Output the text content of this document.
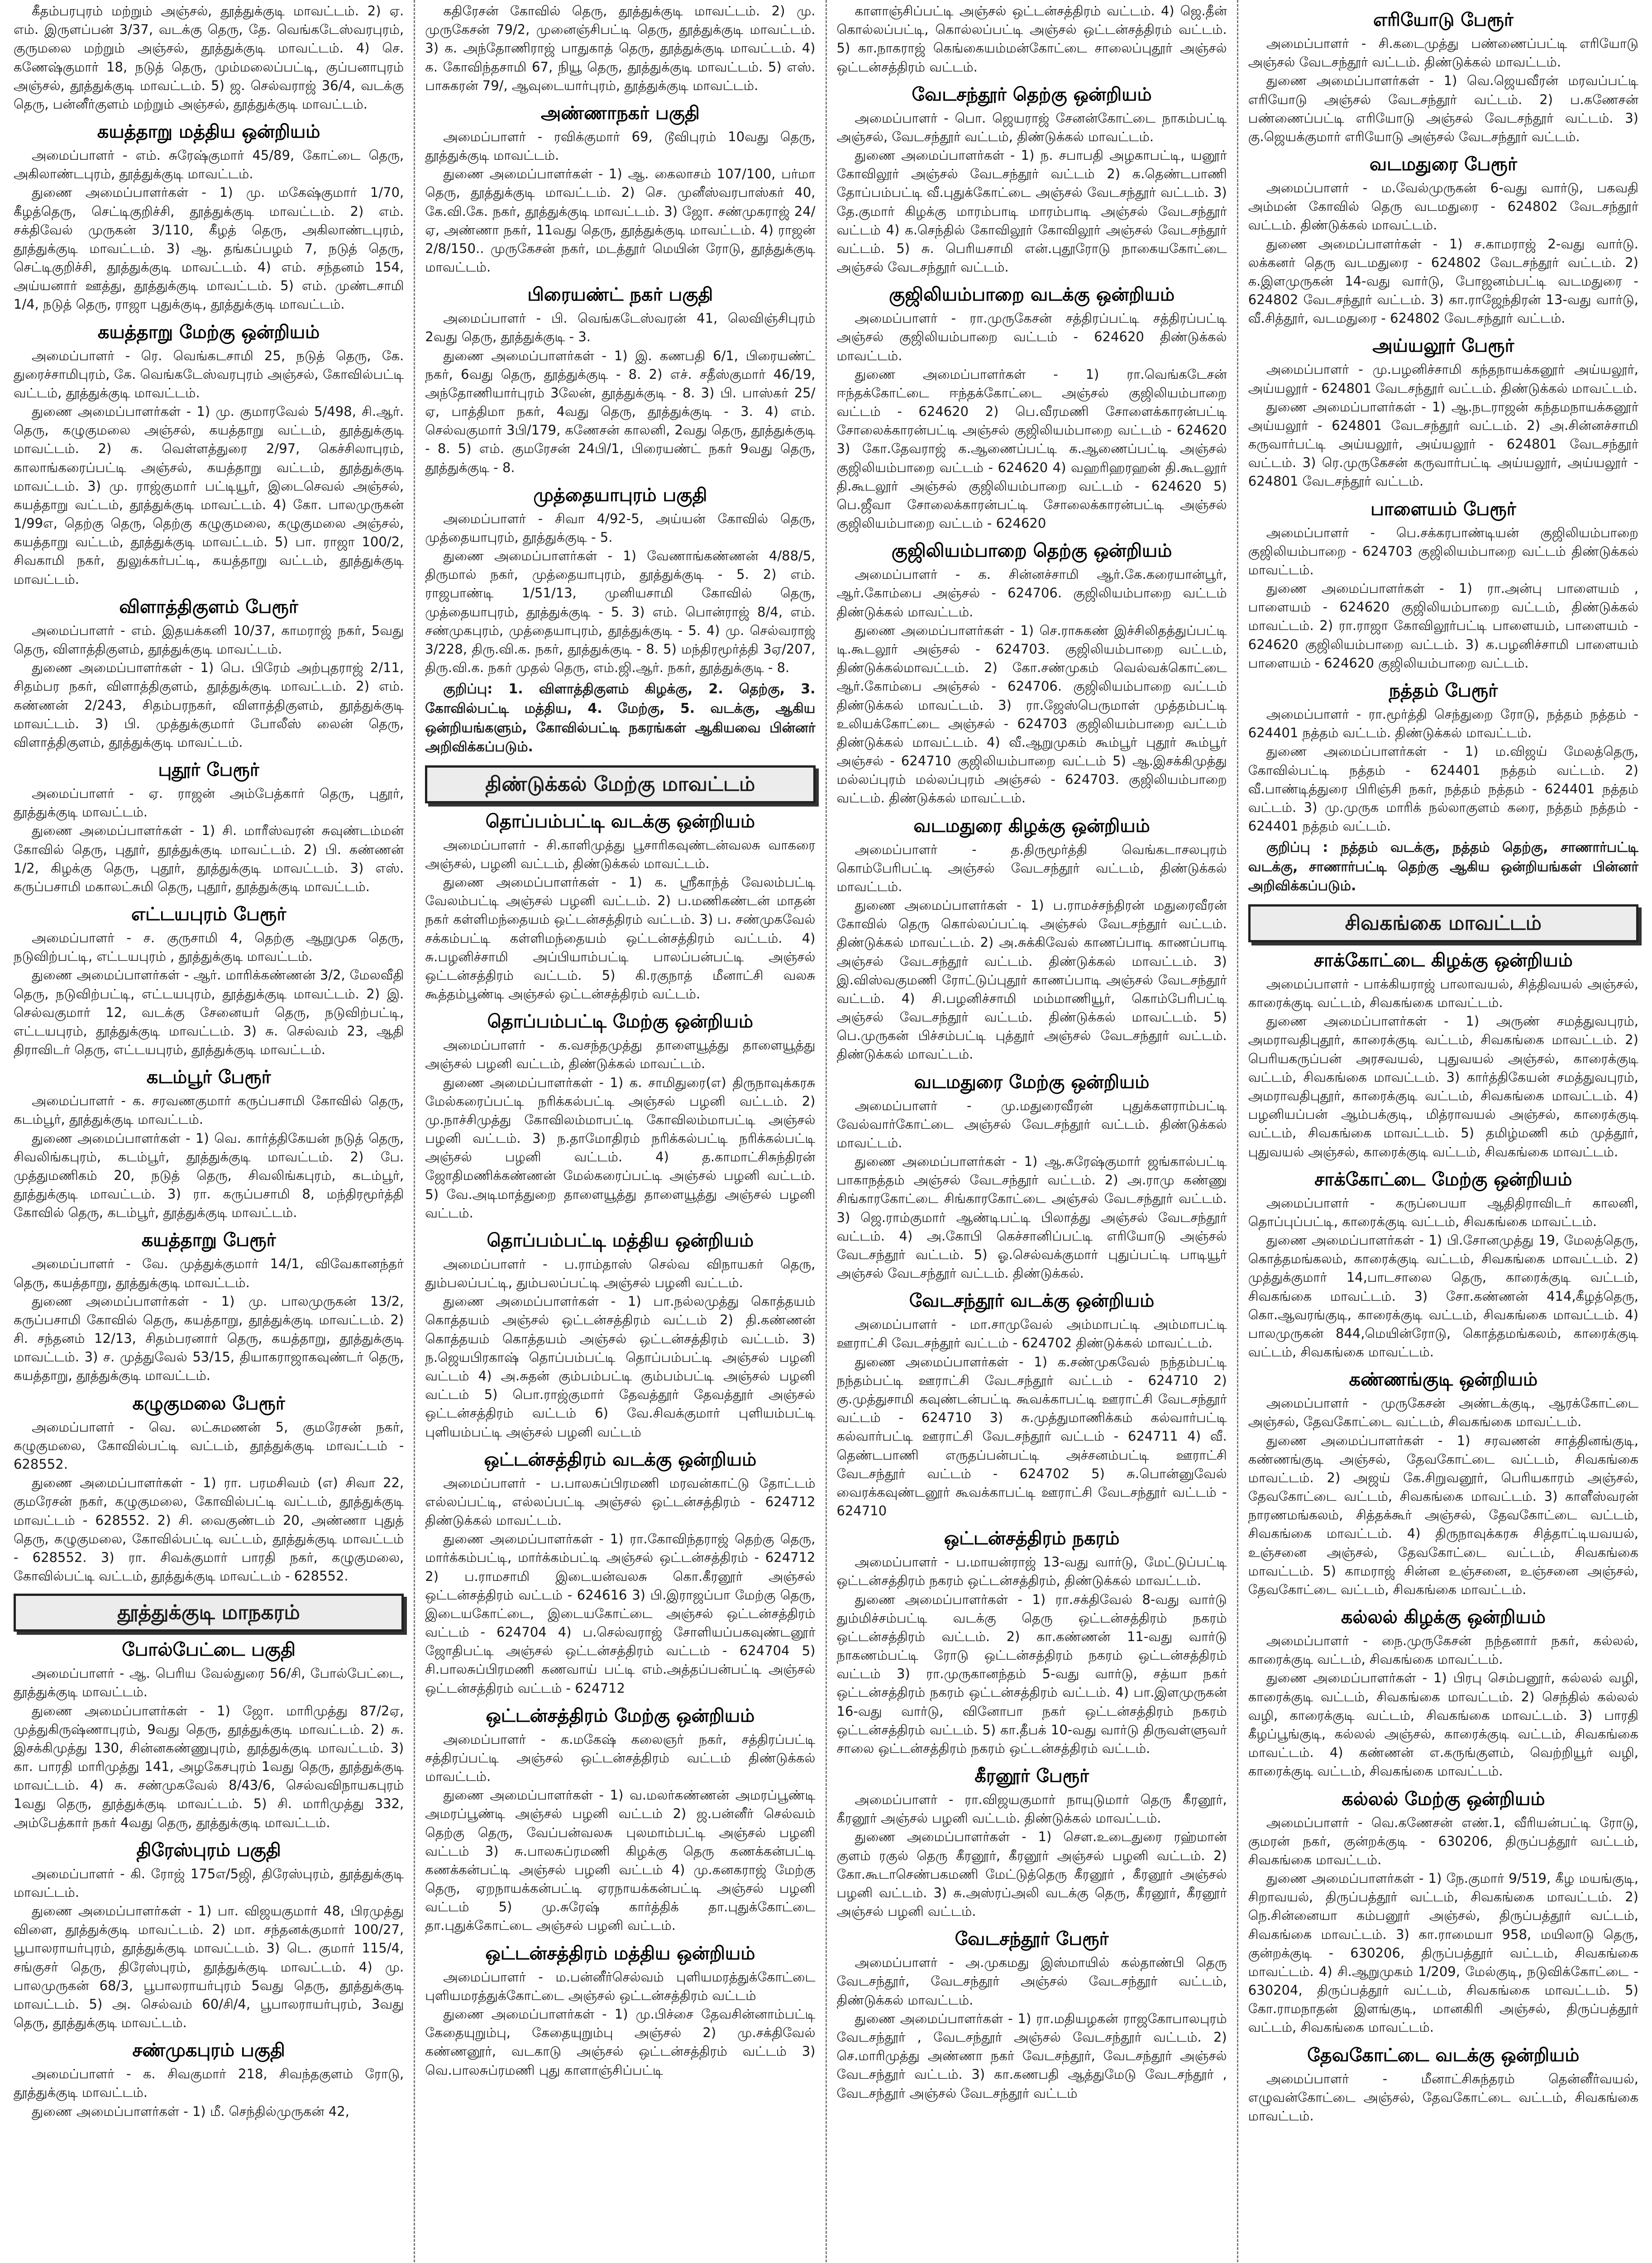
கீதம்பரபுரம் மற்றும் அஞ்சல், தூத்துக்குடி மாவட்டம். 2) ஏ. எம். இருளப்பன் 3/37, வடக்கு தெரு, தே. வெங்கடேஸ்வரபுரம், குருமலை மற்றும் அஞ்சல், தூத்துக்குடி மாவட்டம். 4) செ. கணேஷ்குமார் 18, நடுத் தெரு, மும்மலைப்பட்டி, குப்பனாபுரம் அஞ்சல், தூத்துக்குடி மாவட்டம். 5) ஜ. செல்வராஜ் 36/4, வடக்கு தெரு, பன்னீர்குளம் மற்றும் அஞ்சல், தூத்துக்குடி மாவட்டம்.

கயத்தாறு மத்திய ஒன்றியம்

அமைப்பாளர் - எம். சுரேஷ்குமார் 45/89, கோட்டை தெரு, அகிலாண்டபுரம், தூத்துக்குடி மாவட்டம்.

துணை அமைப்பாளர்கள் - 1) மு. மகேஷ்குமார் 1/70, கீழத்தெரு, செட்டிகுறிச்சி, தூத்துக்குடி மாவட்டம். 2) எம். சக்திவேல் முருகன் 3/110, கீழத் தெரு, அகிலாண்டபுரம், தூத்துக்குடி மாவட்டம். 3) ஆ. தங்கப்பழம் 7, நடுத் தெரு, செட்டிகுறிச்சி, தூத்துக்குடி மாவட்டம். 4) எம். சந்தனம் 154, அய்யனார் ஊத்து, தூத்துக்குடி மாவட்டம். 5) எம். முண்டசாமி 1/4, நடுத் தெரு, ராஜா புதுக்குடி, தூத்துக்குடி மாவட்டம்.

கயத்தாறு மேற்கு ஒன்றியம்

அமைப்பாளர் - ரெ. வெங்கடசாமி 25, நடுத் தெரு, கே. துரைச்சாமிபுரம், கே. வெங்கடேஸ்வரபுரம் அஞ்சல், கோவில்பட்டி வட்டம், தூத்துக்குடி மாவட்டம்.

துணை அமைப்பாளர்கள் - 1) மு. குமாரவேல் 5/498, சி.ஆர். தெரு, கழுகுமலை அஞ்சல், கயத்தாறு வட்டம், தூத்துக்குடி மாவட்டம். 2) க. வெள்ளத்துரை 2/97, கெச்சிலாபுரம், காலாங்கரைப்பட்டி அஞ்சல், கயத்தாறு வட்டம், தூத்துக்குடி மாவட்டம். 3) மு. ராஜ்குமார் பட்டியூர், இடைசெவல் அஞ்சல், கயத்தாறு வட்டம், தூத்துக்குடி மாவட்டம். 4) கோ. பாலமுருகன் 1/99எ, தெற்கு தெரு, தெற்கு கழுகுமலை, கழுகுமலை அஞ்சல், கயத்தாறு வட்டம், தூத்துக்குடி மாவட்டம். 5) பா. ராஜா 100/2, சிவகாமி நகர், துலுக்கர்பட்டி, கயத்தாறு வட்டம், தூத்துக்குடி மாவட்டம்.

விளாத்திகுளம் பேரூர்

அமைப்பாளர் - எம். இதயக்கனி 10/37, காமராஜ் நகர், 5வது தெரு, விளாத்திகுளம், தூத்துக்குடி மாவட்டம்.

துணை அமைப்பாளர்கள் - 1) பெ. பிரேம் அற்புதராஜ் 2/11, சிதம்பர நகர், விளாத்திகுளம், தூத்துக்குடி மாவட்டம். 2) எம். கண்ணன் 2/243, சிதம்பரநகர், விளாத்திகுளம், தூத்துக்குடி மாவட்டம். 3) பி. முத்துக்குமார் போலீஸ் லைன் தெரு, விளாத்திகுளம், தூத்துக்குடி மாவட்டம்.

புதூர் பேரூர்

அமைப்பாளர் - ஏ. ராஜன் அம்பேத்கார் தெரு, புதூர், தூத்துக்குடி மாவட்டம்.

துணை அமைப்பாளர்கள் - 1) சி. மாரீஸ்வரன் சுவுண்டம்மன் கோவில் தெரு, புதூர், தூத்துக்குடி மாவட்டம். 2) பி. கண்ணன் 1/2, கிழக்கு தெரு, புதூர், தூத்துக்குடி மாவட்டம். 3) எஸ். கருப்பசாமி மகாலட்சுமி தெரு, புதூர், தூத்துக்குடி மாவட்டம்.

எட்டயபுரம் பேரூர்

அமைப்பாளர் - ச. குருசாமி 4, தெற்கு ஆறுமுக தெரு, நடுவிற்பட்டி, எட்டயபுரம் , தூத்துக்குடி மாவட்டம்.

துணை அமைப்பாளர்கள் - ஆர். மாரிக்கண்ணன் 3/2, மேலவீதி தெரு, நடுவிற்பட்டி, எட்டயபுரம், தூத்துக்குடி மாவட்டம். 2) இ. செல்வகுமார் 12, வடக்கு சேனையர் தெரு, நடுவிற்பட்டி, எட்டயபுரம், தூத்துக்குடி மாவட்டம். 3) சு. செல்வம் 23, ஆதி திராவிடர் தெரு, எட்டயபுரம், தூத்துக்குடி மாவட்டம்.

கடம்பூர் பேரூர்

அமைப்பாளர் - க. சரவணகுமார் கருப்பசாமி கோவில் தெரு, கடம்பூர், தூத்துக்குடி மாவட்டம்.

துணை அமைப்பாளர்கள் - 1) வெ. கார்த்திகேயன் நடுத் தெரு, சிவலிங்கபுரம், கடம்பூர், தூத்துக்குடி மாவட்டம். 2) பே. முத்துமணிகம் 20, நடுத் தெரு, சிவலிங்கபுரம், கடம்பூர், தூத்துக்குடி மாவட்டம். 3) ரா. கருப்பசாமி 8, மந்திரமூர்த்தி கோவில் தெரு, கடம்பூர், தூத்துக்குடி மாவட்டம்.

கயத்தாறு பேரூர்

அமைப்பாளர் - வே. முத்துக்குமார் 14/1, விவேகானந்தர் தெரு, கயத்தாறு, தூத்துக்குடி மாவட்டம்.

துணை அமைப்பாளர்கள் - 1) மு. பாலமுருகன் 13/2, கருப்பசாமி கோவில் தெரு, கயத்தாறு, தூத்துக்குடி மாவட்டம். 2) சி. சந்தனம் 12/13, சிதம்பரனார் தெரு, கயத்தாறு, தூத்துக்குடி மாவட்டம். 3) ச. முத்துவேல் 53/15, தியாகராஜாகவுண்டர் தெரு, கயத்தாறு, தூத்துக்குடி மாவட்டம்.

கழுகுமலை பேரூர்

அமைப்பாளர் - வெ. லட்சுமணன் 5, குமரேசன் நகர், கழுகுமலை, கோவில்பட்டி வட்டம், தூத்துக்குடி மாவட்டம் - 628552.

துணை அமைப்பாளர்கள் - 1) ரா. பரமசிவம் (எ) சிவா 22, குமரேசன் நகர், கழுகுமலை, கோவில்பட்டி வட்டம், தூத்துக்குடி மாவட்டம் - 628552. 2) சி. வைகுண்டம் 20, அண்ணா புதுத் தெரு, கழுகுமலை, கோவில்பட்டி வட்டம், தூத்துக்குடி மாவட்டம் - 628552. 3) ரா. சிவக்குமார் பாரதி நகர், கழுகுமலை, கோவில்பட்டி வட்டம், தூத்துக்குடி மாவட்டம் - 628552.

தூத்துக்குடி மாநகரம்
போல்பேட்டை பகுதி

அமைப்பாளர் - ஆ. பெரிய வேல்துரை 56/சி, போல்பேட்டை, தூத்துக்குடி மாவட்டம்.

துணை அமைப்பாளர்கள் - 1) ஜோ. மாரிமுத்து 87/2ஏ, முத்துகிருஷ்ணாபுரம், 9வது தெரு, தூத்துக்குடி மாவட்டம். 2) சு. இசக்கிமுத்து 130, சின்னகண்ணுபுரம், தூத்துக்குடி மாவட்டம். 3) கா. பாரதி மாரிமுத்து 141, அழகேசபுரம் 1வது தெரு, தூத்துக்குடி மாவட்டம். 4) சு. சண்முகவேல் 8/43/6, செல்வவிநாயகபுரம் 1வது தெரு, தூத்துக்குடி மாவட்டம். 5) சி. மாரிமுத்து 332, அம்பேத்கார் நகர் 4வது தெரு, தூத்துக்குடி மாவட்டம்.

திரேஸ்புரம் பகுதி

அமைப்பாளர் - கி. ரோஜ் 175எ/5ஜி, திரேஸ்புரம், தூத்துக்குடி மாவட்டம்.

துணை அமைப்பாளர்கள் - 1) பா. விஜயகுமார் 48, பிரமுத்து விளை, தூத்துக்குடி மாவட்டம். 2) மா. சந்தனக்குமார் 100/27, பூபாலராயர்புரம், தூத்துக்குடி மாவட்டம். 3) டெ. குமார் 115/4, சங்குசர் தெரு, திரேஸ்புரம், தூத்துக்குடி மாவட்டம். 4) மு. பாலமுருகன் 68/3, பூபாலராயர்புரம் 5வது தெரு, தூத்துக்குடி மாவட்டம். 5) அ. செல்வம் 60/சி/4, பூபாலராயர்புரம், 3வது தெரு, தூத்துக்குடி மாவட்டம்.

சண்முகபுரம் பகுதி

அமைப்பாளர் - க. சிவகுமார் 218, சிவந்தகுளம் ரோடு, தூத்துக்குடி மாவட்டம்.

துணை அமைப்பாளர்கள் - 1) மீ. செந்தில்முருகன் 42,

கதிரேசன் கோவில் தெரு, தூத்துக்குடி மாவட்டம். 2) மு. முருகேசன் 79/2, முனைஞ்சிபட்டி தெரு, தூத்துக்குடி மாவட்டம். 3) க. அந்தோணிராஜ் பாதுகாத் தெரு, தூத்துக்குடி மாவட்டம். 4) க. கோவிந்தசாமி 67, நியூ தெரு, தூத்துக்குடி மாவட்டம். 5) எஸ். பாசுகரன் 79/, ஆவுடையார்புரம், தூத்துக்குடி மாவட்டம்.

அண்ணாநகர் பகுதி

அமைப்பாளர் - ரவிக்குமார் 69, டூவிபுரம் 10வது தெரு, தூத்துக்குடி மாவட்டம்.

துணை அமைப்பாளர்கள் - 1) ஆ. கைலாசம் 107/100, பர்மா தெரு, தூத்துக்குடி மாவட்டம். 2) செ. முனீஸ்வரபாஸ்கர் 40, கே.வி.கே. நகர், தூத்துக்குடி மாவட்டம். 3) ஜோ. சண்முகராஜ் 24/ஏ, அண்ணா நகர், 11வது தெரு, தூத்துக்குடி மாவட்டம். 4) ராஜன் 2/8/150.. முருகேசன் நகர், மடத்தூர் மெயின் ரோடு, தூத்துக்குடி மாவட்டம்.

பிரையண்ட் நகர் பகுதி

அமைப்பாளர் - பி. வெங்கடேஸ்வரன் 41, லெவிஞ்சிபுரம் 2வது தெரு, தூத்துக்குடி - 3.

துணை அமைப்பாளர்கள் - 1) இ. கணபதி 6/1, பிரையண்ட் நகர், 6வது தெரு, தூத்துக்குடி - 8. 2) எச். சதீஸ்குமார் 46/19, அந்தோணியார்புரம் 3லேன், தூத்துக்குடி - 8. 3) பி. பாஸ்கர் 25/ஏ, பாத்திமா நகர், 4வது தெரு, தூத்துக்குடி - 3. 4) எம். செல்வகுமார் 3பி/179, கணேசன் காலனி, 2வது தெரு, தூத்துக்குடி - 8. 5) எம். குமரேசன் 24பி/1, பிரையண்ட் நகர் 9வது தெரு, தூத்துக்குடி - 8.

முத்தையாபுரம் பகுதி

அமைப்பாளர் - சிவா 4/92-5, அய்யன் கோவில் தெரு, முத்தையாபுரம், தூத்துக்குடி - 5.

துணை அமைப்பாளர்கள் - 1) வேணாங்கண்ணன் 4/88/5, திருமால் நகர், முத்தையாபுரம், தூத்துக்குடி - 5. 2) எம். ராஜபாண்டி 1/51/13, முனியசாமி கோவில் தெரு, முத்தையாபுரம், தூத்துக்குடி - 5. 3) எம். பொன்ராஜ் 8/4, எம். சண்முகபுரம், முத்தையாபுரம், தூத்துக்குடி - 5. 4) மு. செல்வராஜ் 3/228, திரு.வி.க. நகர், தூத்துக்குடி - 8. 5) மந்திரமூர்த்தி 3ஏ/207, திரு.வி.க. நகர் முதல் தெரு, எம்.ஜி.ஆர். நகர், தூத்துக்குடி - 8.

குறிப்பு: 1. விளாத்திகுளம் கிழக்கு, 2. தெற்கு, 3. கோவில்பட்டி மத்திய, 4. மேற்கு, 5. வடக்கு, ஆகிய ஒன்றியங்களும், கோவில்பட்டி நகரங்கள் ஆகியவை பின்னர் அறிவிக்கப்படும்.

திண்டுக்கல் மேற்கு மாவட்டம்
தொப்பம்பட்டி வடக்கு ஒன்றியம்

அமைப்பாளர் - சி.காளிமுத்து பூசாரிகவுண்டன்வலசு வாகரை அஞ்சல், பழனி வட்டம், திண்டுக்கல் மாவட்டம்.

துணை அமைப்பாளர்கள் - 1) க. ஸ்ரீகாந்த் வேலம்பட்டி வேலம்பட்டி அஞ்சல் பழனி வட்டம். 2) ப.மணிகண்டன் மாதன் நகர் கள்ளிமந்தையம் ஒட்டன்சத்திரம் வட்டம். 3) ப. சண்முகவேல் சக்கம்பட்டி கள்ளிமந்தையம் ஒட்டன்சத்திரம் வட்டம். 4) சு.பழனிச்சாமி அப்பியாம்பட்டி பாலப்பன்பட்டி அஞ்சல் ஒட்டன்சத்திரம் வட்டம். 5) கி.ரகுநாத் மீனாட்சி வலசு கூத்தம்பூண்டி அஞ்சல் ஒட்டன்சத்திரம் வட்டம்.

தொப்பம்பட்டி மேற்கு ஒன்றியம்

அமைப்பாளர் - க.வசந்தமுத்து தாளையூத்து தாளையூத்து அஞ்சல் பழனி வட்டம், திண்டுக்கல் மாவட்டம்.

துணை அமைப்பாளர்கள் - 1) க. சாமிதுரை(எ) திருநாவுக்கரசு மேல்கரைப்பட்டி நரிக்கல்பட்டி அஞ்சல் பழனி வட்டம். 2) மு.நாச்சிமுத்து கோவிலம்மாபட்டி கோவிலம்மாபட்டி அஞ்சல் பழனி வட்டம். 3) ந.தாமோதிரம் நரிக்கல்பட்டி நரிக்கல்பட்டி அஞ்சல் பழனி வட்டம். 4) த.காமாட்சிசுந்திரன் ஜோதிமணிக்கண்ணன் மேல்கரைப்பட்டி அஞ்சல் பழனி வட்டம். 5) வே.அடிமாத்துறை தாளையூத்து தாளையூத்து அஞ்சல் பழனி வட்டம்.

தொப்பம்பட்டி மத்திய ஒன்றியம்

அமைப்பாளர் - ப.ராம்தாஸ் செல்வ விநாயகர் தெரு, தும்பலப்பட்டி, தும்பலப்பட்டி அஞ்சல் பழனி வட்டம்.

துணை அமைப்பாளர்கள் - 1) பா.நல்லமுத்து கொத்தயம் கொத்தயம் அஞ்சல் ஒட்டன்சத்திரம் வட்டம் 2) தி.கண்ணன் கொத்தயம் கொத்தயம் அஞ்சல் ஒட்டன்சத்திரம் வட்டம். 3) ந.ஜெயபிரகாஷ் தொப்பம்பட்டி தொப்பம்பட்டி அஞ்சல் பழனி வட்டம் 4) அ.சுதன் கும்பம்பட்டி கும்பம்பட்டி அஞ்சல் பழனி வட்டம் 5) பொ.ராஜ்குமார் தேவத்தூர் தேவத்தூர் அஞ்சல் ஒட்டன்சத்திரம் வட்டம் 6) வே.சிவக்குமார் புளியம்பட்டி புளியம்பட்டி அஞ்சல் பழனி வட்டம்

ஒட்டன்சத்திரம் வடக்கு ஒன்றியம்

அமைப்பாளர் - ப.பாலசுப்பிரமணி மரவன்காட்டு தோட்டம் எல்லப்பட்டி, எல்லப்பட்டி அஞ்சல் ஒட்டன்சத்திரம் - 624712 திண்டுக்கல் மாவட்டம்.

துணை அமைப்பாளர்கள் - 1) ரா.கோவிந்தராஜ் தெற்கு தெரு, மார்க்கம்பட்டி, மார்க்கம்பட்டி அஞ்சல் ஒட்டன்சத்திரம் - 624712 2) ப.ராமசாமி இடையன்வலசு கொ.கீரனூர் அஞ்சல் ஒட்டன்சத்திரம் வட்டம் - 624616 3) பி.இராஜப்பா மேற்கு தெரு, இடையகோட்டை, இடையகோட்டை அஞ்சல் ஒட்டன்சத்திரம் வட்டம் - 624704 4) ப.செல்வராஜ் சோளியப்பகவுண்டனூர் ஜோதிபட்டி அஞ்சல் ஒட்டன்சத்திரம் வட்டம் - 624704 5) சி.பாலசுப்பிரமணி கணவாய் பட்டி எம்.அத்தப்பன்பட்டி அஞ்சல் ஒட்டன்சத்திரம் வட்டம் - 624712

ஒட்டன்சத்திரம் மேற்கு ஒன்றியம்

அமைப்பாளர் - க.மகேஷ் கலைஞர் நகர், சத்திரப்பட்டி சத்திரப்பட்டி அஞ்சல் ஒட்டன்சத்திரம் வட்டம் திண்டுக்கல் மாவட்டம்.

துணை அமைப்பாளர்கள் - 1) வ.மலர்கண்ணன் அமரப்பூண்டி அமரப்பூண்டி அஞ்சல் பழனி வட்டம் 2) ஜ.பன்னீர் செல்வம் தெற்கு தெரு, வேப்பன்வலசு புலமாம்பட்டி அஞ்சல் பழனி வட்டம் 3) சு.பாலசுப்ரமணி கிழக்கு தெரு கணக்கன்பட்டி கணக்கன்பட்டி அஞ்சல் பழனி வட்டம் 4) மு.கனகராஜ் மேற்கு தெரு, ஏறநாயக்கன்பட்டி ஏரநாயக்கன்பட்டி அஞ்சல் பழனி வட்டம் 5) மு.சுரேஷ் கார்த்திக் தா.புதுக்கோட்டை தா.புதுக்கோட்டை அஞ்சல் பழனி வட்டம்.

ஒட்டன்சத்திரம் மத்திய ஒன்றியம்

அமைப்பாளர் - ம.பன்னீர்செல்வம் புளியமரத்துக்கோட்டை புளியமரத்துக்கோட்டை அஞ்சல் ஒட்டன்சத்திரம் வட்டம்

துணை அமைப்பாளர்கள் - 1) மு.பிச்சை தேவசின்னாம்பட்டி கேதையுறும்பு, கேதையுறும்பு அஞ்சல் 2) மு.சக்திவேல் கண்ணனூர், வடகாடு அஞ்சல் ஒட்டன்சத்திரம் வட்டம் 3) வெ.பாலசுப்ரமணி புது காளாஞ்சிப்பட்டி

காளாஞ்சிப்பட்டி அஞ்சல் ஒட்டன்சத்திரம் வட்டம். 4) ஜெ.தீன் கொல்லப்பட்டி, கொல்லப்பட்டி அஞ்சல் ஒட்டன்சத்திரம் வட்டம். 5) கா.நாகராஜ் கெங்கையம்மன்கோட்டை சாலைப்புதூர் அஞ்சல் ஒட்டன்சத்திரம் வட்டம்.

வேடசந்தூர் தெற்கு ஒன்றியம்

அமைப்பாளர் - பொ. ஜெயராஜ் சேனன்கோட்டை நாகம்பட்டி அஞ்சல், வேடசந்தூர் வட்டம், திண்டுக்கல் மாவட்டம்.

துணை அமைப்பாளர்கள் - 1) ந. சபாபதி அழகாபட்டி, யனூர் கோவிலூர் அஞ்சல் வேடசந்தூர் வட்டம் 2) க.தெண்டபாணி தோப்பம்பட்டி வீ.புதுக்கோட்டை அஞ்சல் வேடசந்தூர் வட்டம். 3) தே.குமார் கிழக்கு மாரம்பாடி மாரம்பாடி அஞ்சல் வேடசந்தூர் வட்டம் 4) க.செந்தில் கோவிலூர் கோவிலூர் அஞ்சல் வேடசந்தூர் வட்டம். 5) சு. பெரியசாமி என்.புதூரோடு நாகையகோட்டை அஞ்சல் வேடசந்தூர் வட்டம்.

குஜிலியம்பாறை வடக்கு ஒன்றியம்

அமைப்பாளர் - ரா.முருகேசன் சத்திரப்பட்டி சத்திரப்பட்டி அஞ்சல் குஜிலியம்பாறை வட்டம் - 624620 திண்டுக்கல் மாவட்டம்.

துணை அமைப்பாளர்கள் - 1) ரா.வெங்கடேசன் ஈந்தக்கோட்டை ஈந்தக்கோட்டை அஞ்சல் குஜிலியம்பாறை வட்டம் - 624620 2) பெ.வீரமணி சோளைக்காரன்பட்டி சோலைக்காரன்பட்டி அஞ்சல் குஜிலியம்பாறை வட்டம் - 624620 3) கோ.தேவராஜ் க.ஆணைப்பட்டி க.ஆணைப்பட்டி அஞ்சல் குஜிலியம்பாறை வட்டம் - 624620 4) வஹரிஹரஹன் தி.கூடலூர் தி.கூடலூர் அஞ்சல் குஜிலியம்பாறை வட்டம் - 624620 5) பெ.ஜீவா சோலைக்காரன்பட்டி சோலைக்காரன்பட்டி அஞ்சல் குஜிலியம்பாறை வட்டம் - 624620

குஜிலியம்பாறை தெற்கு ஒன்றியம்

அமைப்பாளர் - க. சின்னச்சாமி ஆர்.கே.கரையான்பூர், ஆர்.கோம்பை அஞ்சல் - 624706. குஜிலியம்பாறை வட்டம் திண்டுக்கல் மாவட்டம்.

துணை அமைப்பாளர்கள் - 1) செ.ராசுகண் இச்சிலிதத்துப்பட்டி டி.கூடலூர் அஞ்சல் - 624703. குஜிலியம்பாறை வட்டம், திண்டுக்கல்மாவட்டம். 2) கோ.சண்முகம் வெல்வக்கொட்டை ஆர்.கோம்பை அஞ்சல் - 624706. குஜிலியம்பாறை வட்டம் திண்டுக்கல் மாவட்டம். 3) ரா.ஜேஸ்பெருமாள் முத்தம்பட்டி உலியக்கோட்டை அஞ்சல் - 624703 குஜிலியம்பாறை வட்டம் திண்டுக்கல் மாவட்டம். 4) வீ.ஆறுமுகம் கூம்பூர் புதூர் கூம்பூர் அஞ்சல் - 624710 குஜிலியம்பாறை வட்டம் 5) ஆ.இசக்கிமுத்து மல்லப்புரம் மல்லப்புரம் அஞ்சல் - 624703. குஜிலியம்பாறை வட்டம். திண்டுக்கல் மாவட்டம்.

வடமதுரை கிழக்கு ஒன்றியம்

அமைப்பாளர் - த.திருமூர்த்தி வெங்கடாசலபுரம் கொம்பேரிபட்டி அஞ்சல் வேடசந்தூர் வட்டம், திண்டுக்கல் மாவட்டம்.

துணை அமைப்பாளர்கள் - 1) ப.ராமச்சந்திரன் மதுரைவீரன் கோவில் தெரு கொல்லப்பட்டி அஞ்சல் வேடசந்தூர் வட்டம். திண்டுக்கல் மாவட்டம். 2) அ.சுக்கிவேல் காணப்பாடி காணப்பாடி அஞ்சல் வேடசந்தூர் வட்டம். திண்டுக்கல் மாவட்டம். 3) இ.விஸ்வகுமணி ரோட்டுப்புதூர் காணப்பாடி அஞ்சல் வேடசந்தூர் வட்டம். 4) சி.பழனிச்சாமி மம்மாணியூர், கொம்பேரிபட்டி அஞ்சல் வேடசந்தூர் வட்டம். திண்டுக்கல் மாவட்டம். 5) பெ.முருகன் பிச்சம்பட்டி புத்தூர் அஞ்சல் வேடசந்தூர் வட்டம். திண்டுக்கல் மாவட்டம்.

வடமதுரை மேற்கு ஒன்றியம்

அமைப்பாளர் - மு.மதுரைவீரன் புதுக்களராம்பட்டி வேல்வார்கோட்டை அஞ்சல் வேடசந்தூர் வட்டம். திண்டுக்கல் மாவட்டம்.

துணை அமைப்பாளர்கள் - 1) ஆ.சுரேஷ்குமார் ஜங்கால்பட்டி பாகாநத்தம் அஞ்சல் வேடசந்தூர் வட்டம். 2) அ.ராமு கண்ணு சிங்காரகோட்டை சிங்காரகோட்டை அஞ்சல் வேடசந்தூர் வட்டம். 3) ஜெ.ராம்குமார் ஆண்டிபட்டி பிலாத்து அஞ்சல் வேடசந்தூர் வட்டம். 4) அ.கோபி கெச்சானிப்பட்டி எரியோடு அஞ்சல் வேடசந்தூர் வட்டம். 5) ஓ.செல்வக்குமார் புதுப்பட்டி பாடியூர் அஞ்சல் வேடசந்தூர் வட்டம். திண்டுக்கல்.

வேடசந்தூர் வடக்கு ஒன்றியம்

அமைப்பாளர் - மா.சாமுவேல் அம்மாபட்டி அம்மாபட்டி ஊராட்சி வேடசந்தூர் வட்டம் - 624702 திண்டுக்கல் மாவட்டம்.

துணை அமைப்பாளர்கள் - 1) க.சண்முகவேல் நந்தம்பட்டி நந்தம்பட்டி ஊராட்சி வேடசந்தூர் வட்டம் - 624710 2) கு.முத்துசாமி கவுண்டன்பட்டி கூவக்காபட்டி ஊராட்சி வேடசந்தூர் வட்டம் - 624710 3) சு.முத்துமாணிக்கம் கல்வார்பட்டி கல்வார்பட்டி ஊராட்சி வேடசந்தூர் வட்டம் - 624711 4) வீ. தெண்டபாணி எருதப்பன்பட்டி அச்சனம்பட்டி ஊராட்சி வேடசந்தூர் வட்டம் - 624702 5) சு.பொன்னுவேல் வைரக்கவுண்டனூர் கூவக்காபட்டி ஊராட்சி வேடசந்தூர் வட்டம் - 624710

ஒட்டன்சத்திரம் நகரம்

அமைப்பாளர் - ப.மாயன்ராஜ் 13-வது வார்டு, மேட்டுப்பட்டி ஒட்டன்சத்திரம் நகரம் ஒட்டன்சத்திரம், திண்டுக்கல் மாவட்டம்.

துணை அமைப்பாளர்கள் - 1) ரா.சக்திவேல் 8-வது வார்டு தும்மிச்சம்பட்டி வடக்கு தெரு ஒட்டன்சத்திரம் நகரம் ஒட்டன்சத்திரம் வட்டம். 2) கா.கண்ணன் 11-வது வார்டு நாகணம்பட்டி ரோடு ஒட்டன்சத்திரம் நகரம் ஒட்டன்சத்திரம் வட்டம் 3) ரா.முருகானந்தம் 5-வது வார்டு, சத்யா நகர் ஒட்டன்சத்திரம் நகரம் ஒட்டன்சத்திரம் வட்டம். 4) பா.இளமுருகன் 16-வது வார்டு, வினோபா நகர் ஒட்டன்சத்திரம் நகரம் ஒட்டன்சத்திரம் வட்டம். 5) கா.தீபக் 10-வது வார்டு திருவள்ளுவர் சாலை ஒட்டன்சத்திரம் நகரம் ஒட்டன்சத்திரம் வட்டம்.

கீரனூர் பேரூர்

அமைப்பாளர் - ரா.விஜயகுமார் நாயுடுமார் தெரு கீரனூர், கீரனூர் அஞ்சல் பழனி வட்டம். திண்டுக்கல் மாவட்டம்.

துணை அமைப்பாளர்கள் - 1) செள.உடைதுரை ரஹ்மான் குளம் ரகுல் தெரு கீரனூர், கீரனூர் அஞ்சல் பழனி வட்டம். 2) கோ.கூடாசெண்பகமணி மேட்டுத்தெரு கீரனூர் , கீரனூர் அஞ்சல் பழனி வட்டம். 3) சு.அஸ்ரப்அலி வடக்கு தெரு, கீரனூர், கீரனூர் அஞ்சல் பழனி வட்டம்.

வேடசந்தூர் பேரூர்

அமைப்பாளர் - அ.முகமது இஸ்மாயில் கல்தாண்பி தெரு வேடசந்தூர், வேடசந்தூர் அஞ்சல் வேடசந்தூர் வட்டம், திண்டுக்கல் மாவட்டம்.

துணை அமைப்பாளர்கள் - 1) ரா.மதியழகன் ராஜகோபாலபுரம் வேடசந்தூர் , வேடசந்தூர் அஞ்சல் வேடசந்தூர் வட்டம். 2) செ.மாரிமுத்து அண்ணா நகர் வேடசந்தூர், வேடசந்தூர் அஞ்சல் வேடசந்தூர் வட்டம். 3) கா.கணபதி ஆத்துமேடு வேடசந்தூர் , வேடசந்தூர் அஞ்சல் வேடசந்தூர் வட்டம்

எரியோடு பேரூர்

அமைப்பாளர் - சி.கடைமுத்து பண்ணைப்பட்டி எரியோடு அஞ்சல் வேடசந்தூர் வட்டம். திண்டுக்கல் மாவட்டம்.

துணை அமைப்பாளர்கள் - 1) வெ.ஜெயவீரன் மரவப்பட்டி எரியோடு அஞ்சல் வேடசந்தூர் வட்டம். 2) ப.கணேசன் பண்ணைப்பட்டி எரியோடு அஞ்சல் வேடசந்தூர் வட்டம். 3) கு.ஜெயக்குமார் எரியோடு அஞ்சல் வேடசந்தூர் வட்டம்.

வடமதுரை பேரூர்

அமைப்பாளர் - ம.வேல்முருகன் 6-வது வார்டு, பகவதி அம்மன் கோவில் தெரு வடமதுரை - 624802 வேடசந்தூர் வட்டம். திண்டுக்கல் மாவட்டம்.

துணை அமைப்பாளர்கள் - 1) ச.காமராஜ் 2-வது வார்டு. லக்கனர் தெரு வடமதுரை - 624802 வேடசந்தூர் வட்டம். 2) க.இளமுருகன் 14-வது வார்டு, போஜனம்பட்டி வடமதுரை - 624802 வேடசந்தூர் வட்டம். 3) கா.ராஜேந்திரன் 13-வது வார்டு, வீ.சித்தூர், வடமதுரை - 624802 வேடசந்தூர் வட்டம்.

அய்யலூர் பேரூர்

அமைப்பாளர் - மு.பழனிச்சாமி கந்தநாயக்கனூர் அய்யலூர், அய்யலூர் - 624801 வேடசந்தூர் வட்டம். திண்டுக்கல் மாவட்டம்.

துணை அமைப்பாளர்கள் - 1) ஆ.நடராஜன் கந்தமநாயக்கனூர் அய்யலூர் - 624801 வேடசந்தூர் வட்டம். 2) அ.சின்னச்சாமி கருவார்பட்டி அய்யலூர், அய்யலூர் - 624801 வேடசந்தூர் வட்டம். 3) ரெ.முருகேசன் கருவார்பட்டி அய்யலூர், அய்யலூர் - 624801 வேடசந்தூர் வட்டம்.

பாளையம் பேரூர்

அமைப்பாளர் - பெ.சக்கரபாண்டியன் குஜிலியம்பாறை குஜிலியம்பாறை - 624703 குஜிலியம்பாறை வட்டம் திண்டுக்கல் மாவட்டம்.

துணை அமைப்பாளர்கள் - 1) ரா.அன்பு பாளையம் , பாளையம் - 624620 குஜிலியம்பாறை வட்டம், திண்டுக்கல் மாவட்டம். 2) ரா.ராஜா கோவிலூர்பட்டி பாளையம், பாளையம் - 624620 குஜிலியம்பாறை வட்டம். 3) க.பழனிச்சாமி பாளையம் பாளையம் - 624620 குஜிலியம்பாறை வட்டம்.

நத்தம் பேரூர்

அமைப்பாளர் - ரா.மூர்த்தி செந்துறை ரோடு, நத்தம் நத்தம் - 624401 நத்தம் வட்டம். திண்டுக்கல் மாவட்டம்.

துணை அமைப்பாளர்கள் - 1) ம.விஜய் மேலத்தெரு, கோவில்பட்டி நத்தம் - 624401 நத்தம் வட்டம். 2) வீ.பாண்டித்துரை பிரிஞ்சி நகர், நத்தம் நத்தம் - 624401 நத்தம் வட்டம். 3) மு.முருக மாரிக் நல்லாகுளம் கரை, நத்தம் நத்தம் - 624401 நத்தம் வட்டம்.

குறிப்பு : நத்தம் வடக்கு, நத்தம் தெற்கு, சாணார்பட்டி வடக்கு, சாணார்பட்டி தெற்கு ஆகிய ஒன்றியங்கள் பின்னர் அறிவிக்கப்படும்.

சிவகங்கை மாவட்டம்
சாக்கோட்டை கிழக்கு ஒன்றியம்

அமைப்பாளர் - பாக்கியராஜ் பாலாவயல், சித்திவயல் அஞ்சல், காரைக்குடி வட்டம், சிவகங்கை மாவட்டம்.

துணை அமைப்பாளர்கள் - 1) அருண் சமத்துவபுரம், அமராவதிபுதூர், காரைக்குடி வட்டம், சிவகங்கை மாவட்டம். 2) பெரியகருப்பன் அரசவயல், புதுவயல் அஞ்சல், காரைக்குடி வட்டம், சிவகங்கை மாவட்டம். 3) கார்த்திகேயன் சமத்துவபுரம், அமராவதிபுதூர், காரைக்குடி வட்டம், சிவகங்கை மாவட்டம். 4) பழனியப்பன் ஆம்பக்குடி, மித்ராவயல் அஞ்சல், காரைக்குடி வட்டம், சிவகங்கை மாவட்டம். 5) தமிழ்மணி கம் முத்தூர், புதுவயல் அஞ்சல், காரைக்குடி வட்டம், சிவகங்கை மாவட்டம்.

சாக்கோட்டை மேற்கு ஒன்றியம்

அமைப்பாளர் - கருப்பையா ஆதிதிராவிடர் காலனி, தொப்புப்பட்டி, காரைக்குடி வட்டம், சிவகங்கை மாவட்டம்.

துணை அமைப்பாளர்கள் - 1) பி.சோனமுத்து 19, மேலத்தெரு, கொத்தமங்கலம், காரைக்குடி வட்டம், சிவகங்கை மாவட்டம். 2) முத்துக்குமார் 14,பாடசாலை தெரு, காரைக்குடி வட்டம், சிவகங்கை மாவட்டம். 3) சோ.கண்ணன் 414,கீழத்தெரு, கொ.ஆவரங்குடி, காரைக்குடி வட்டம், சிவகங்கை மாவட்டம். 4) பாலமுருகன் 844,மெயின்ரோடு, கொத்தமங்கலம், காரைக்குடி வட்டம், சிவகங்கை மாவட்டம்.

கண்ணங்குடி ஒன்றியம்

அமைப்பாளர் - முருகேசன் அண்டக்குடி, ஆரக்கோட்டை அஞ்சல், தேவகோட்டை வட்டம், சிவகங்கை மாவட்டம்.

துணை அமைப்பாளர்கள் - 1) சரவணன் சாத்தினங்குடி, கண்ணங்குடி அஞ்சல், தேவகோட்டை வட்டம், சிவகங்கை மாவட்டம். 2) அஜய் கே.சிறுவனூர், பெரியகாரம் அஞ்சல், தேவகோட்டை வட்டம், சிவகங்கை மாவட்டம். 3) காளீஸ்வரன் நாரணமங்கலம், சித்தக்கூர் அஞ்சல், தேவகோட்டை வட்டம், சிவகங்கை மாவட்டம். 4) திருநாவுக்கரசு சித்தாட்டியவயல், உஞ்சனை அஞ்சல், தேவகோட்டை வட்டம், சிவகங்கை மாவட்டம். 5) காமராஜ் சின்ன உஞ்சனை, உஞ்சனை அஞ்சல், தேவகோட்டை வட்டம், சிவகங்கை மாவட்டம்.

கல்லல் கிழக்கு ஒன்றியம்

அமைப்பாளர் - நை.முருகேசன் நந்தனார் நகர், கல்லல், காரைக்குடி வட்டம், சிவகங்கை மாவட்டம்.

துணை அமைப்பாளர்கள் - 1) பிரபு செம்பனூர், கல்லல் வழி, காரைக்குடி வட்டம், சிவகங்கை மாவட்டம். 2) செந்தில் கல்லல் வழி, காரைக்குடி வட்டம், சிவகங்கை மாவட்டம். 3) பாரதி கீழப்பூங்குடி, கல்லல் அஞ்சல், காரைக்குடி வட்டம், சிவகங்கை மாவட்டம். 4) கண்ணன் எ.கருங்குளம், வெற்றியூர் வழி, காரைக்குடி வட்டம், சிவகங்கை மாவட்டம்.

கல்லல் மேற்கு ஒன்றியம்

அமைப்பாளர் - வெ.கணேசன் எண்.1, வீரியன்பட்டி ரோடு, குமரன் நகர், குன்றக்குடி - 630206, திருப்பத்தூர் வட்டம், சிவகங்கை மாவட்டம்.

துணை அமைப்பாளர்கள் - 1) நே.குமார் 9/519, கீழ மயங்குடி, சிறாவயல், திருப்பத்தூர் வட்டம், சிவகங்கை மாவட்டம். 2) நெ.சின்னையா கம்பனூர் அஞ்சல், திருப்பத்தூர் வட்டம், சிவகங்கை மாவட்டம். 3) கா.ராமையா 958, மயிலாடு தெரு, குன்றக்குடி - 630206, திருப்பத்தூர் வட்டம், சிவகங்கை மாவட்டம். 4) சி.ஆறுமுகம் 1/209, மேல்குடி, நடுவிக்கோட்டை - 630204, திருப்பத்தூர் வட்டம், சிவகங்கை மாவட்டம். 5) கோ.ராமநாதன் இளங்குடி, மானகிரி அஞ்சல், திருப்பத்தூர் வட்டம், சிவகங்கை மாவட்டம்.

தேவகோட்டை வடக்கு ஒன்றியம்

அமைப்பாளர் - மீனாட்சிசுந்தரம் தென்னீர்வயல், எழுவன்கோட்டை அஞ்சல், தேவகோட்டை வட்டம், சிவகங்கை மாவட்டம்.
